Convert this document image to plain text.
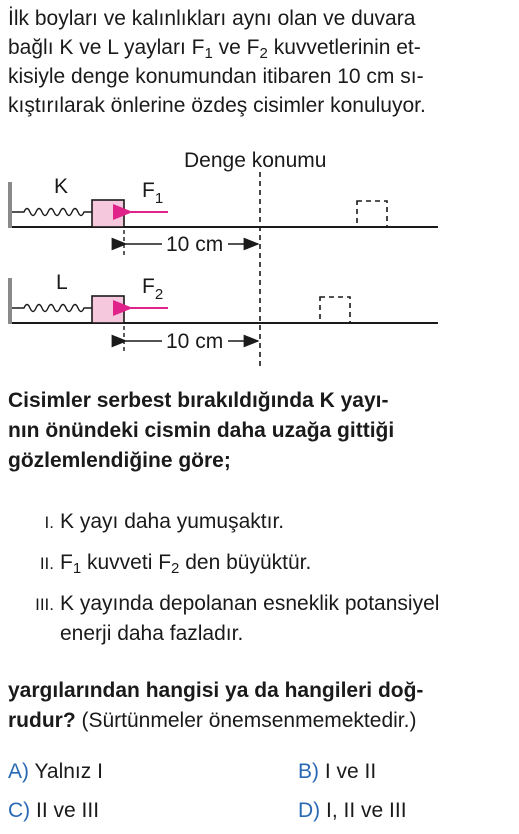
İlk boyları ve kalınlıkları aynı olan ve duvara
bağlı K ve L yayları $F_1$ ve $F_2$ kuvvetlerinin et-
kisiyle denge konumundan itibaren 10 cm sı-
kıştırılarak önlerine özdeş cisimler konuluyor.
Denge konumu
K	$F_1$
10 cm
L	$F_2$
10 cm
Cisimler serbest bırakıldığında K yayı-
nın önündeki cismin daha uzağa gittiği
gözlemlendiğine göre;
I. K yayı daha yumuşaktır.
II. $F_1$ kuvveti $F_2$ den büyüktür.
III. K yayında depolanan esneklik potansiyel
enerji daha fazladır.
yargılarından hangisi ya da hangileri doğ-
rudur? (Sürtünmeler önemsenmemektedir.)
A) Yalnız I	B) I ve II
C) II ve III	D) I, II ve III
